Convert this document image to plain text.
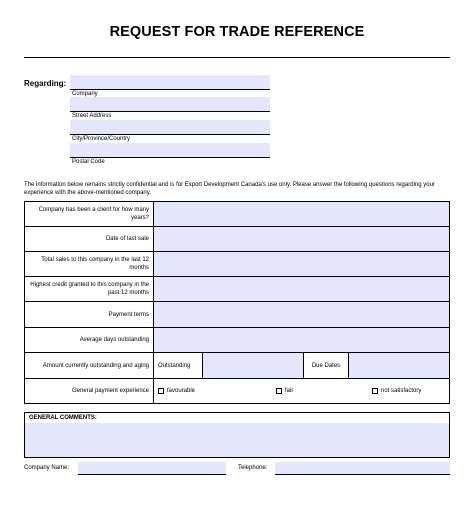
REQUEST FOR TRADE REFERENCE
Regarding:
Company
Street Address
City/Province/Country
Postal Code
The information below remains strictly confidential and is for Export Development Canada's use only. Please answer the following questions regarding your experience with the above-mentioned company.
Company has been a client for how many years?	
Date of last sale	
Total sales to this company in the last 12 months	
Highest credit granted to this company in the past 12 months	
Payment terms	
Average days outstanding	
Amount currently outstanding and aging	Outstanding Due Dates

General payment experience	favourable fair not satisfactory
GENERAL COMMENTS:
Company Name:	Telephone:
